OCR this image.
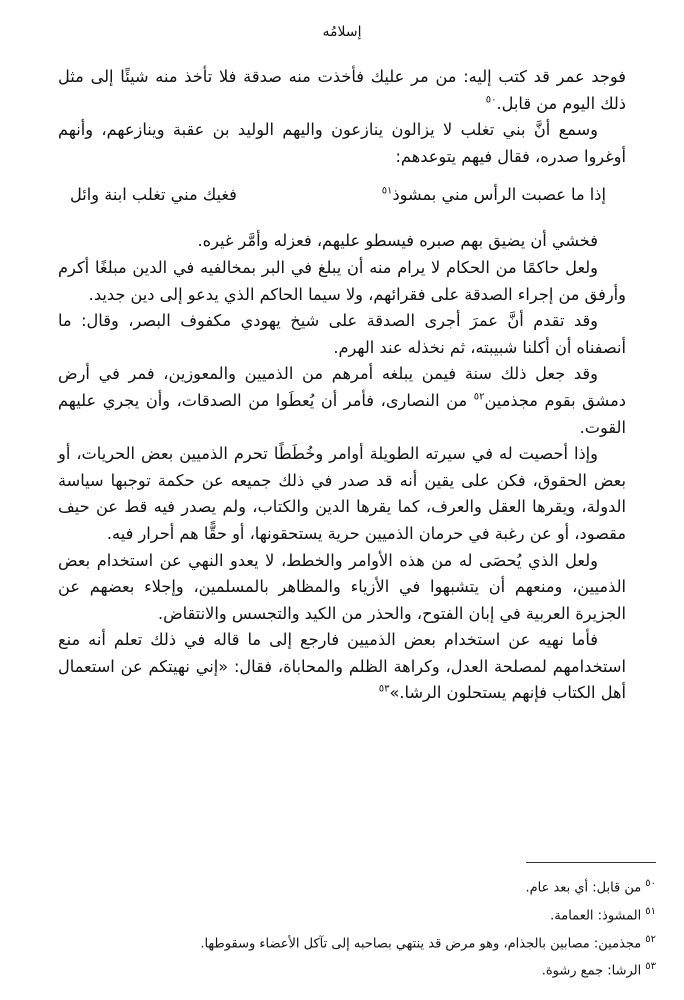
إسلامُه

فوجد عمر قد كتب إليه: من مر عليك فأخذت منه صدقة فلا تأخذ منه شيئًا إلى مثل ذلك اليوم من قابل.$^{٥٠}$

وسمع أنَّ بني تغلب لا يزالون ينازعون واليهم الوليد بن عقبة وينازعهم، وأنهم أوغروا صدره، فقال فيهم يتوعدهم:

إذا ما عصبت الرأس مني بمشوذ$^{٥١}$
فغيك مني تغلب ابنة وائل

فخشي أن يضيق بهم صبره فيسطو عليهم، فعزله وأمَّر غيره.

ولعل حاكمًا من الحكام لا يرام منه أن يبلغ في البر بمخالفيه في الدين مبلغًا أكرم وأرفق من إجراء الصدقة على فقرائهم، ولا سيما الحاكم الذي يدعو إلى دين جديد.

وقد تقدم أنَّ عمرَ أجرى الصدقة على شيخ يهودي مكفوف البصر، وقال: ما أنصفناه أن أكلنا شبيبته، ثم نخذله عند الهرم.

وقد جعل ذلك سنة فيمن يبلغه أمرهم من الذميين والمعوزين، فمر في أرض دمشق بقوم مجذمين$^{٥٢}$ من النصارى، فأمر أن يُعطَوا من الصدقات، وأن يجري عليهم القوت.

وإذا أحصيت له في سيرته الطويلة أوامر وخُطَطًا تحرم الذميين بعض الحريات، أو بعض الحقوق، فكن على يقين أنه قد صدر في ذلك جميعه عن حكمة توجبها سياسة الدولة، ويقرها العقل والعرف، كما يقرها الدين والكتاب، ولم يصدر فيه قط عن حيف مقصود، أو عن رغبة في حرمان الذميين حرية يستحقونها، أو حقًّا هم أحرار فيه.

ولعل الذي يُحصَى له من هذه الأوامر والخطط، لا يعدو النهي عن استخدام بعض الذميين، ومنعهم أن يتشبهوا في الأزياء والمظاهر بالمسلمين، وإجلاء بعضهم عن الجزيرة العربية في إبان الفتوح، والحذر من الكيد والتجسس والانتقاض.

فأما نهيه عن استخدام بعض الذميين فارجع إلى ما قاله في ذلك تعلم أنه منع استخدامهم لمصلحة العدل، وكراهة الظلم والمحاباة، فقال: «إني نهيتكم عن استعمال أهل الكتاب فإنهم يستحلون الرشا.»$^{٥٣}$

$^{٥٠}$من قابل: أي بعد عام.

$^{٥١}$المشوذ: العمامة.

$^{٥٢}$مجذمين: مصابين بالجذام، وهو مرض قد ينتهي بصاحبه إلى تآكل الأعضاء وسقوطها.

$^{٥٣}$الرشا: جمع رشوة.
